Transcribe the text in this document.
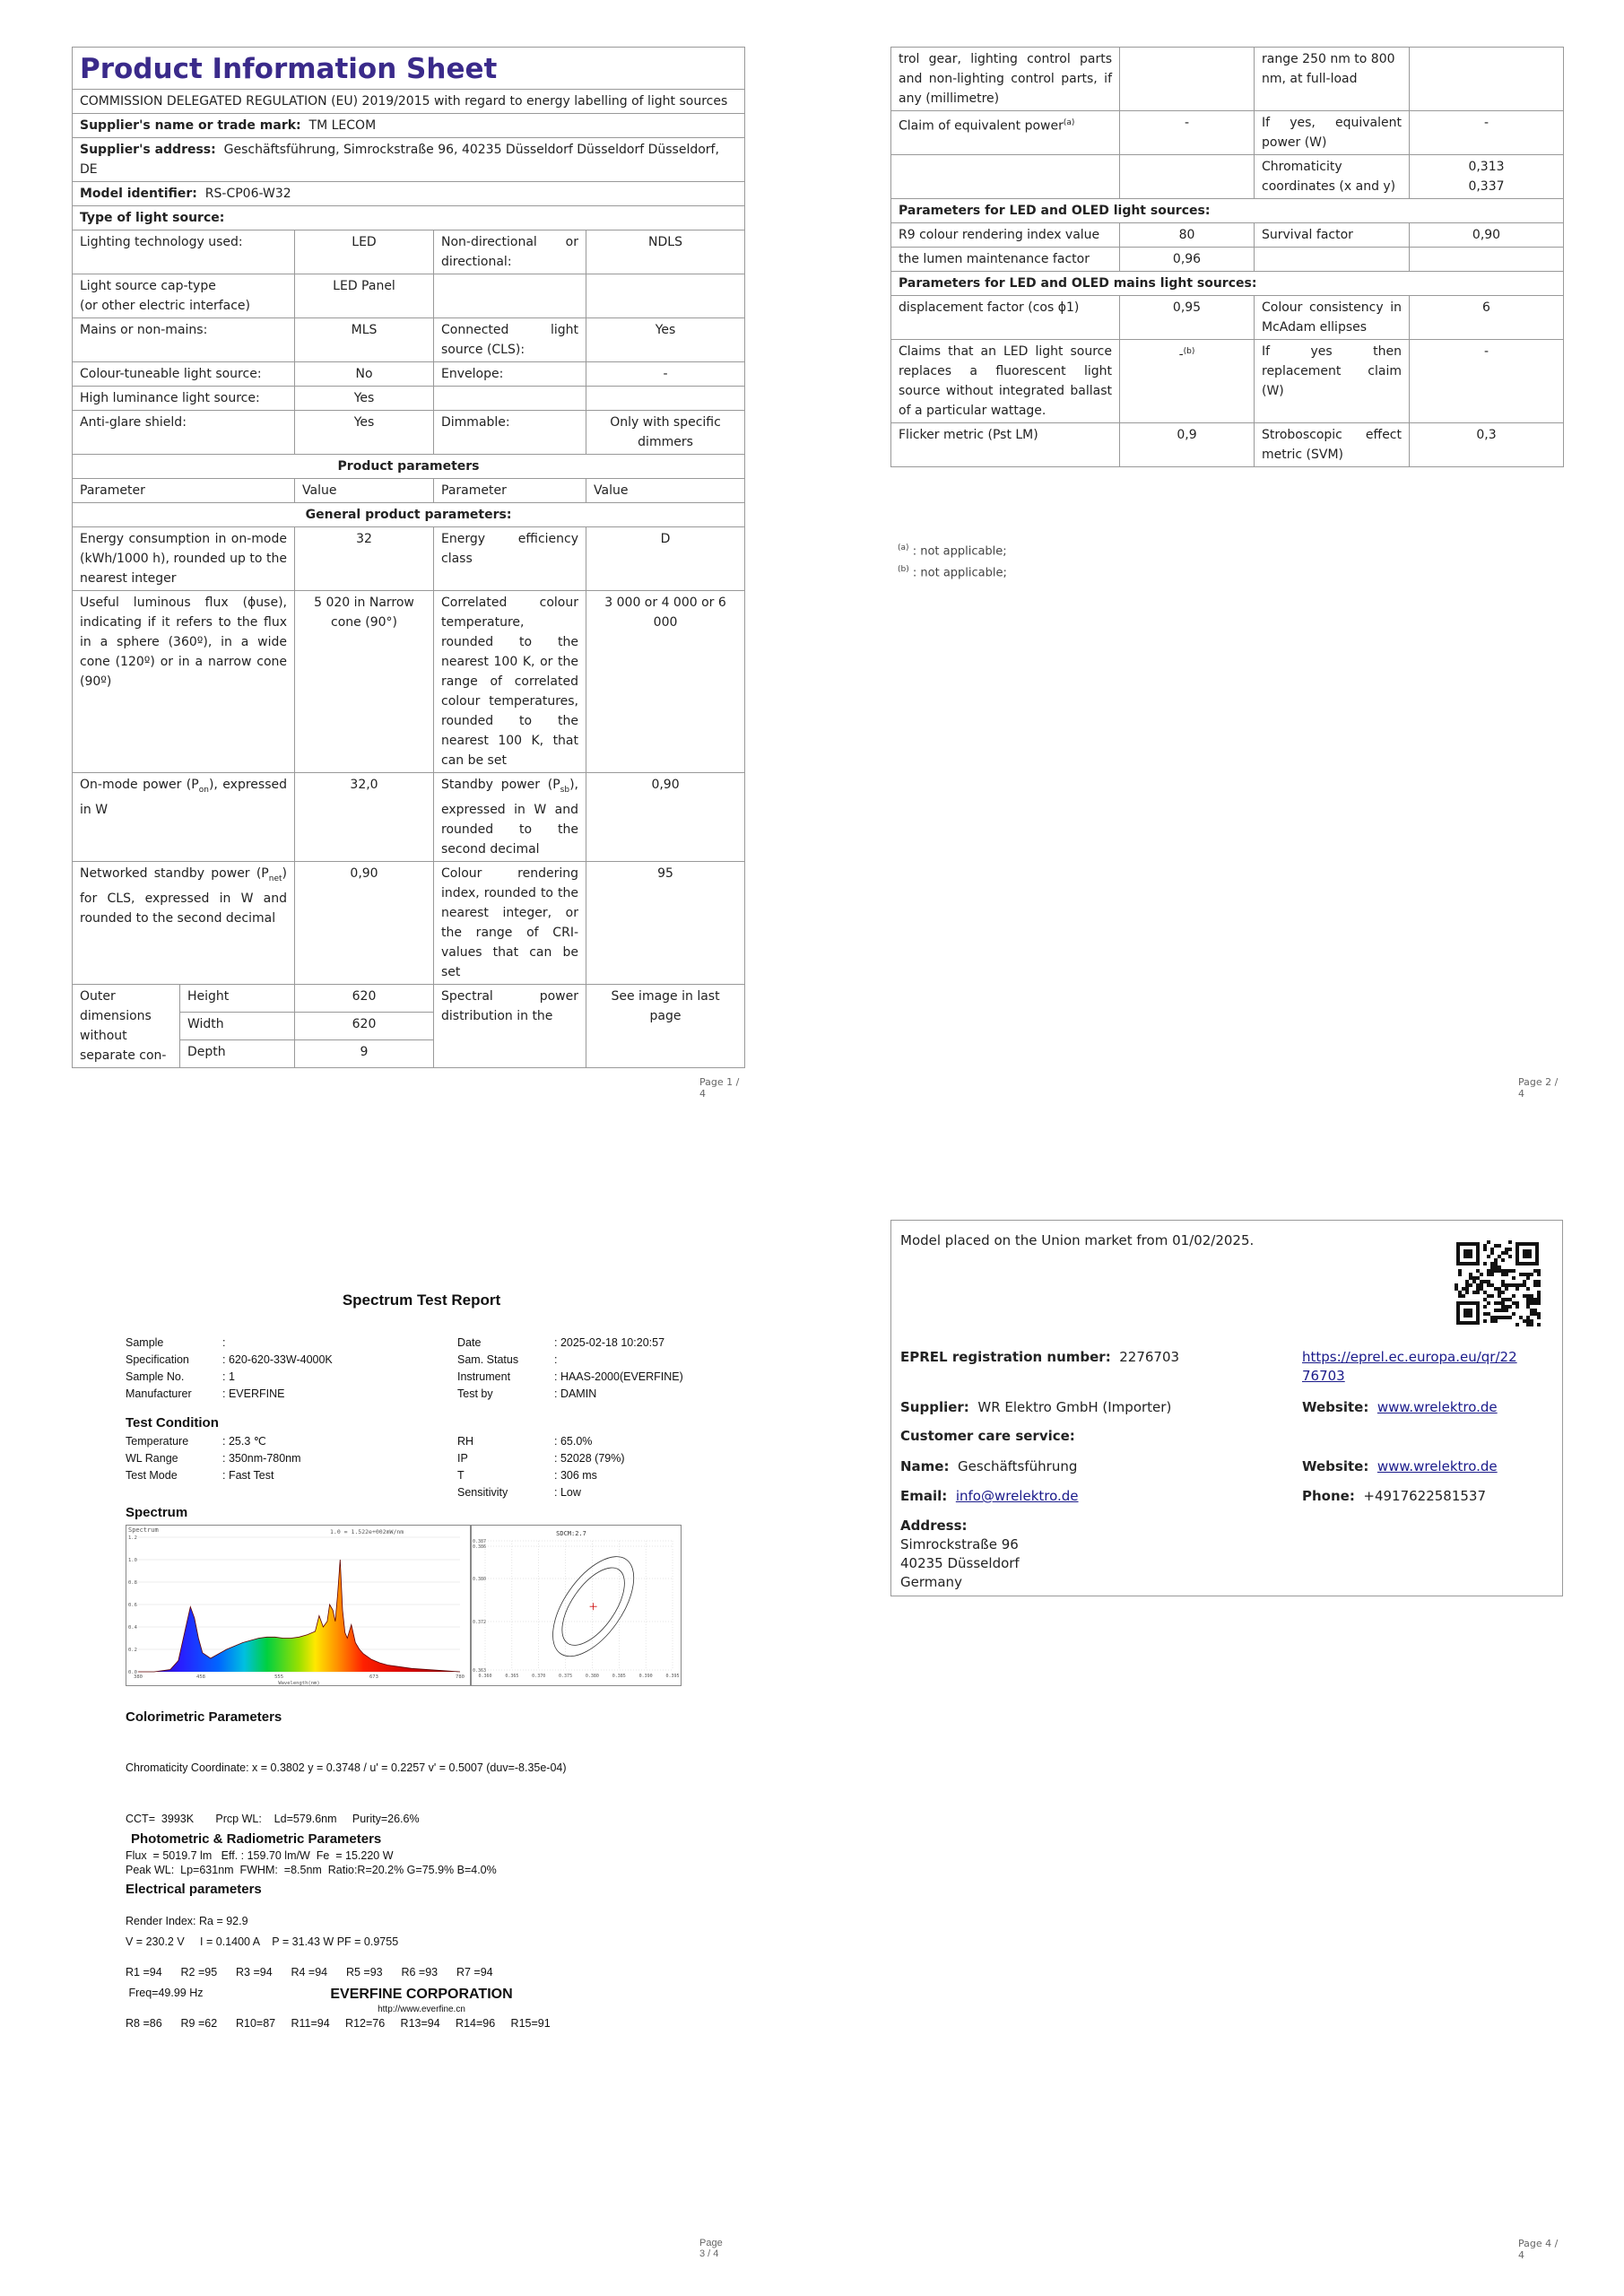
Product Information Sheet				
COMMISSION DELEGATED REGULATION (EU) 2019/2015 with regard to energy labelling of light sources				
Supplier's name or trade mark: TM LECOM				
Supplier's address: Geschäftsführung, Simrockstraße 96, 40235 Düsseldorf Düsseldorf Düsseldorf, DE				
Model identifier: RS-CP06-W32				
Type of light source:				
Lighting technology used:		LED	Non-directional or directional:	NDLS

Light source cap-type
(or other electric interface)		LED Panel		
Mains or non-mains:		MLS	Connected light source (CLS):	Yes
Colour-tuneable light source:		No	Envelope:	-
High luminance light source:		Yes		
Anti-glare shield:		Yes	Dimmable:	Only with specific dimmers
Product parameters				
Parameter		Value	Parameter	Value
General product parameters:				
Energy consumption in on-mode (kWh/1000 h), rounded up to the nearest integer		32	Energy efficiency class	D
Useful luminous flux (ϕuse), indicating if it refers to the flux in a sphere (360º), in a wide cone (120º) or in a narrow cone (90º)		5 020 in Narrow cone (90°)	Correlated colour temperature, rounded to the nearest 100 K, or the range of correlated colour temperatures, rounded to the nearest 100 K, that can be set	3 000 or 4 000 or 6 000
On-mode power $(P_{on})$, expressed in W		32,0	Standby power $(P_{sb})$, expressed in W and rounded to the second decimal	0,90
Networked standby power $(P_{net})$ for CLS, expressed in W and rounded to the second decimal		0,90	Colour rendering index, rounded to the nearest integer, or the range of CRI-values that can be set	95
Outer dimensions without separate con-	Height	620	Spectral power distribution in the	See image in last page
	Width	620		
	Depth	9		
Page 1 / 4
trol gear, lighting control parts and non-lighting control parts, if any (millimetre)		range 250 nm to 800 nm, at full-load	
Claim of equivalent power$^{(a)}$	-	If yes, equivalent power (W)	-
		Chromaticity coordinates (x and y)	0,313
0,337

Parameters for LED and OLED light sources:			
R9 colour rendering index value	80	Survival factor	0,90
the lumen maintenance factor	0,96		
Parameters for LED and OLED mains light sources:			
displacement factor (cos ϕ1)	0,95	Colour consistency in McAdam ellipses	6
Claims that an LED light source replaces a fluorescent light source without integrated ballast of a particular wattage.	-$^{(b)}$	If yes then replacement claim (W)	-
Flicker metric (Pst LM)	0,9	Stroboscopic effect metric (SVM)	0,3
$^{(a)}$ : not applicable;
$^{(b)}$ : not applicable;
Page 2 / 4
Spectrum Test Report
Sample	:
Specification	: 620-620-33W-4000K
Sample No.	: 1
Manufacturer	: EVERFINE
Date	: 2025-02-18 10:20:57
Sam. Status	:
Instrument	: HAAS-2000(EVERFINE)
Test by	: DAMIN
Test Condition
Temperature	: 25.3 ℃
WL Range	: 350nm-780nm
Test Mode	: Fast Test
RH	: 65.0%
IP	: 52028 (79%)
T	: 306 ms
Sensitivity	: Low
Spectrum
0.0
0.2
0.4
0.6
0.8
1.0
1.2
380	458	555	673	780
Wavelength(nm)
Spectrum	1.0 = 1.522e+002mW/nm
0.360	0.365	0.370	0.375	0.380	0.385	0.390	0.395
0.363
0.372
0.380
0.386
0.387
SDCM:2.7
Colorimetric Parameters

Chromaticity Coordinate: x = 0.3802 y = 0.3748 / u' = 0.2257 v' = 0.5007 (duv=-8.35e-04)

CCT=  3993K       Prcp WL:    Ld=579.6nm     Purity=26.6%

Peak WL:  Lp=631nm  FWHM:  =8.5nm  Ratio:R=20.2% G=75.9% B=4.0%

Render Index: Ra = 92.9

R1 =94      R2 =95      R3 =94      R4 =94      R5 =93      R6 =93      R7 =94

R8 =86      R9 =62      R10=87     R11=94     R12=76     R13=94     R14=96     R15=91

Photometric & Radiometric Parameters
Flux  = 5019.7 lm   Eff. : 159.70 lm/W  Fe  = 15.220 W
Electrical parameters

V = 230.2 V     I = 0.1400 A    P = 31.43 W PF = 0.9755

Freq=49.99 Hz

	EVERFINE CORPORATION
http://www.everfine.cn
Page 3 / 4
Model placed on the Union market from 01/02/2025.
EPREL registration number: 2276703	https://eprel.ec.europa.eu/qr/22
76703
Supplier: WR Elektro GmbH (Importer)	Website: www.wrelektro.de
Customer care service:
Name: Geschäftsführung	Website: www.wrelektro.de
Email: info@wrelektro.de	Phone: +4917622581537
Address:
Simrockstraße 96
40235 Düsseldorf
Germany
Page 4 / 4
